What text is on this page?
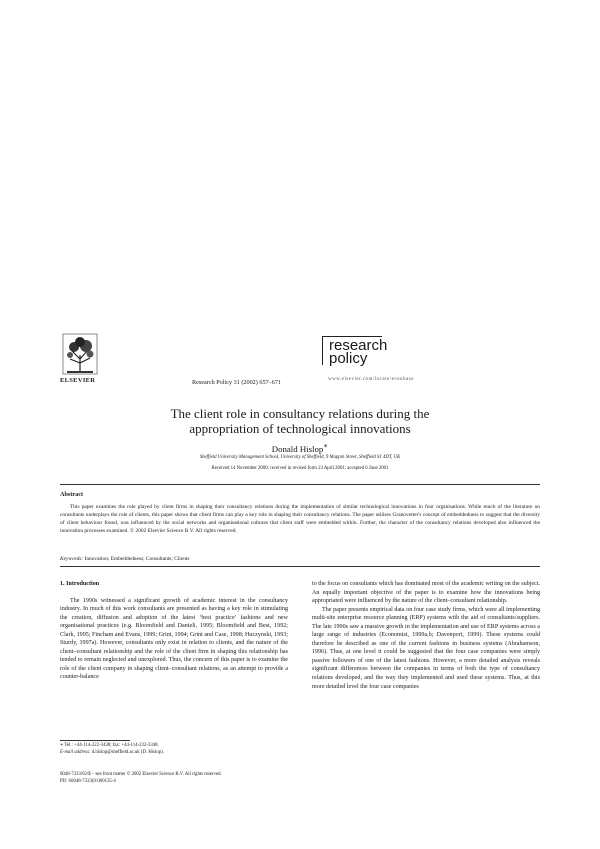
ELSEVIER	Research Policy 31 (2002) 657–671
research
policy
www.elsevier.com/locate/econbase
The client role in consultancy relations during the
appropriation of technological innovations
Donald Hislop∗
Sheffield University Management School, University of Sheffield, 9 Mappin Street, Sheffield S1 4DT, UK
Received 14 November 2000; received in revised form 23 April 2001; accepted 6 June 2001
Abstract
This paper examines the role played by client firms in shaping their consultancy relations during the implementation of similar technological innovations in four organisations. While much of the literature on consultants underplays the role of clients, this paper shows that client firms can play a key role in shaping their consultancy relations. The paper utilises Granovetter's concept of embeddedness to suggest that the diversity of client behaviour found, was influenced by the social networks and organisational cultures that client staff were embedded within. Further, the character of the consultancy relations developed also influenced the innovation processes examined. © 2002 Elsevier Science B.V. All rights reserved.
Keywords: Innovation; Embeddedness; Consultants; Clients
1. Introduction

The 1990s witnessed a significant growth of academic interest in the consultancy industry. In much of this work consultants are presented as having a key role in stimulating the creation, diffusion and adoption of the latest ‘best practice’ fashions and new organisational practices (e.g. Bloomfield and Danieli, 1995; Bloomfield and Best, 1992; Clark, 1995; Fincham and Evans, 1999; Grint, 1994; Grint and Case, 1998; Huczynski, 1993; Sturdy, 1997a). However, consultants only exist in relation to clients, and the nature of the client–consultant relationship and the role of the client firm in shaping this relationship has tended to remain neglected and unexplored. Thus, the concern of this paper is to examine the role of the client company in shaping client–consultant relations, as an attempt to provide a counter-balance

to the focus on consultants which has dominated most of the academic writing on the subject. An equally important objective of the paper is to examine how the innovations being appropriated were influenced by the nature of the client–consultant relationship.

The paper presents empirical data on four case study firms, which were all implementing multi-site enterprise resource planning (ERP) systems with the aid of consultants/suppliers. The late 1990s saw a massive growth in the implementation and use of ERP systems across a large range of industries (Economist, 1999a,b; Davenport, 1999). These systems could therefore be described as one of the current fashions in business systems (Abrahamson, 1996). Thus, at one level it could be suggested that the four case companies were simply passive followers of one of the latest fashions. However, a more detailed analysis reveals significant differences between the companies in terms of both the type of consultancy relations developed, and the way they implemented and used these systems. Thus, at this more detailed level the four case companies

∗ Tel.: +44-114-222-3438; fax: +44-114-222-3348.
E-mail address: d.hislop@sheffield.ac.uk (D. Hislop).
0048-7333/02/$ – see front matter © 2002 Elsevier Science B.V. All rights reserved.
PII: S0048-7333(01)00135-4
